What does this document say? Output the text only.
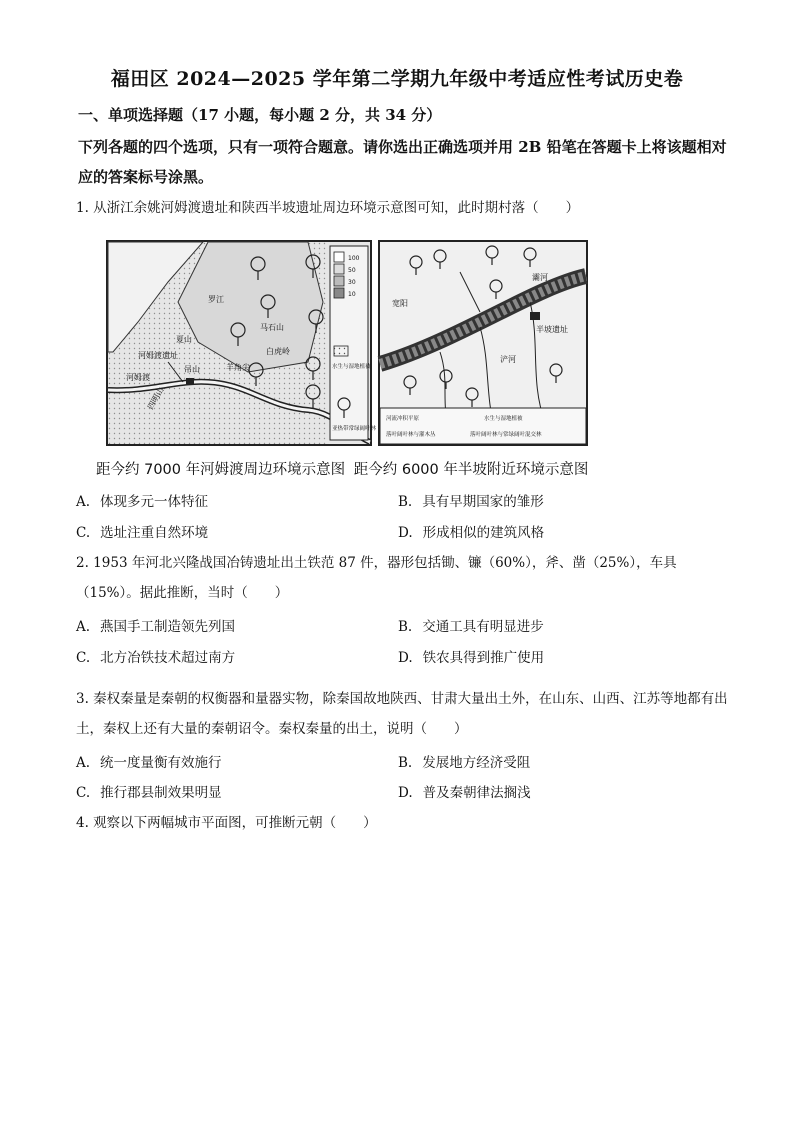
福田区 2024—2025 学年第二学期九年级中考适应性考试历史卷
一、单项选择题（17 小题，每小题 2 分，共 34 分）
下列各题的四个选项，只有一项符合题意。请你选出正确选项并用 2B 铅笔在答题卡上将该题相对应的答案标号涂黑。
1. 从浙江余姚河姆渡遗址和陕西半坡遗址周边环境示意图可知，此时期村落（　　）
罗江
夏山
吊山
河姆渡遗址
河姆渡
四明山
马石山
羊角尖
白虎岭
100
50
30
10
水生与湿地植被
亚热带常绿阔叶林
灞河
半坡遗址
宽阳
浐河
河流冲积平原	水生与湿地植被
落叶阔叶林与灌木丛	落叶阔叶林与常绿阔叶混交林
距今约 7000 年河姆渡周边环境示意图 距今约 6000 年半坡附近环境示意图
A. 体现多元一体特征	B. 具有早期国家的雏形
C. 选址注重自然环境	D. 形成相似的建筑风格
2. 1953 年河北兴隆战国冶铸遗址出土铁范 87 件，器形包括锄、镰（60%），斧、凿（25%），车具（15%）。据此推断，当时（　　）
A. 燕国手工制造领先列国	B. 交通工具有明显进步
C. 北方冶铁技术超过南方	D. 铁农具得到推广使用
3. 秦权秦量是秦朝的权衡器和量器实物，除秦国故地陕西、甘肃大量出土外，在山东、山西、江苏等地都有出土，秦权上还有大量的秦朝诏令。秦权秦量的出土，说明（　　）
A. 统一度量衡有效施行	B. 发展地方经济受阻
C. 推行郡县制效果明显	D. 普及秦朝律法搁浅
4. 观察以下两幅城市平面图，可推断元朝（　　）
